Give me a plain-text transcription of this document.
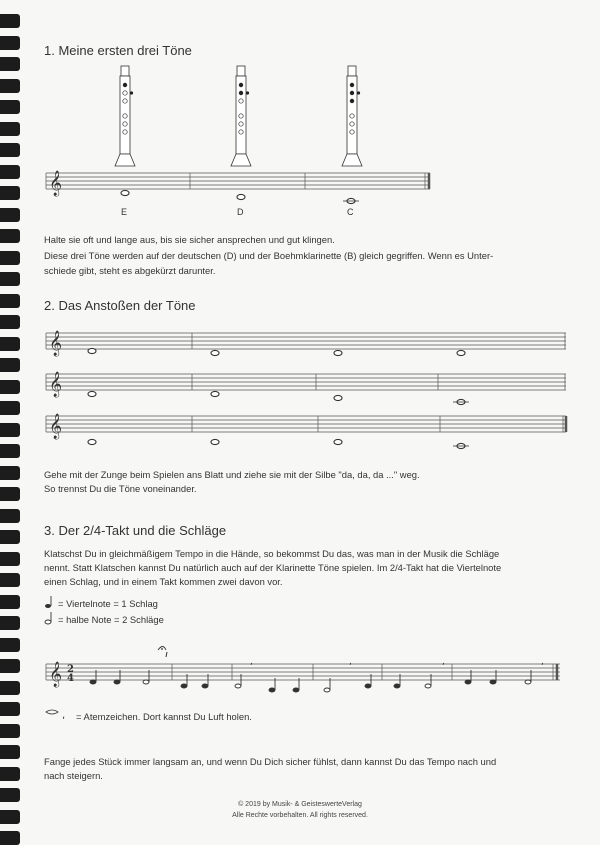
1. Meine ersten drei Töne
𝄞
𝄞
𝄞
𝄞
𝄞 2
4
,	,	,	,
,
E	D	C
Halte sie oft und lange aus, bis sie sicher ansprechen und gut klingen.
Diese drei Töne werden auf der deutschen (D) und der Boehmklarinette (B) gleich gegriffen. Wenn es Unter-
schiede gibt, steht es abgekürzt darunter.
2. Das Anstoßen der Töne
Gehe mit der Zunge beim Spielen ans Blatt und ziehe sie mit der Silbe "da, da, da ..." weg.
So trennst Du die Töne voneinander.
3. Der 2/4-Takt und die Schläge
Klatschst Du in gleichmäßigem Tempo in die Hände, so bekommst Du das, was man in der Musik die Schläge
nennt. Statt Klatschen kannst Du natürlich auch auf der Klarinette Töne spielen. Im 2/4-Takt hat die Viertelnote
einen Schlag, und in einem Takt kommen zwei davon vor.
= Viertelnote = 1 Schlag
= halbe Note = 2 Schläge
= Atemzeichen. Dort kannst Du Luft holen.
Fange jedes Stück immer langsam an, und wenn Du Dich sicher fühlst, dann kannst Du das Tempo nach und
nach steigern.
© 2019 by Musik- & GeisteswerteVerlag
Alle Rechte vorbehalten. All rights reserved.
